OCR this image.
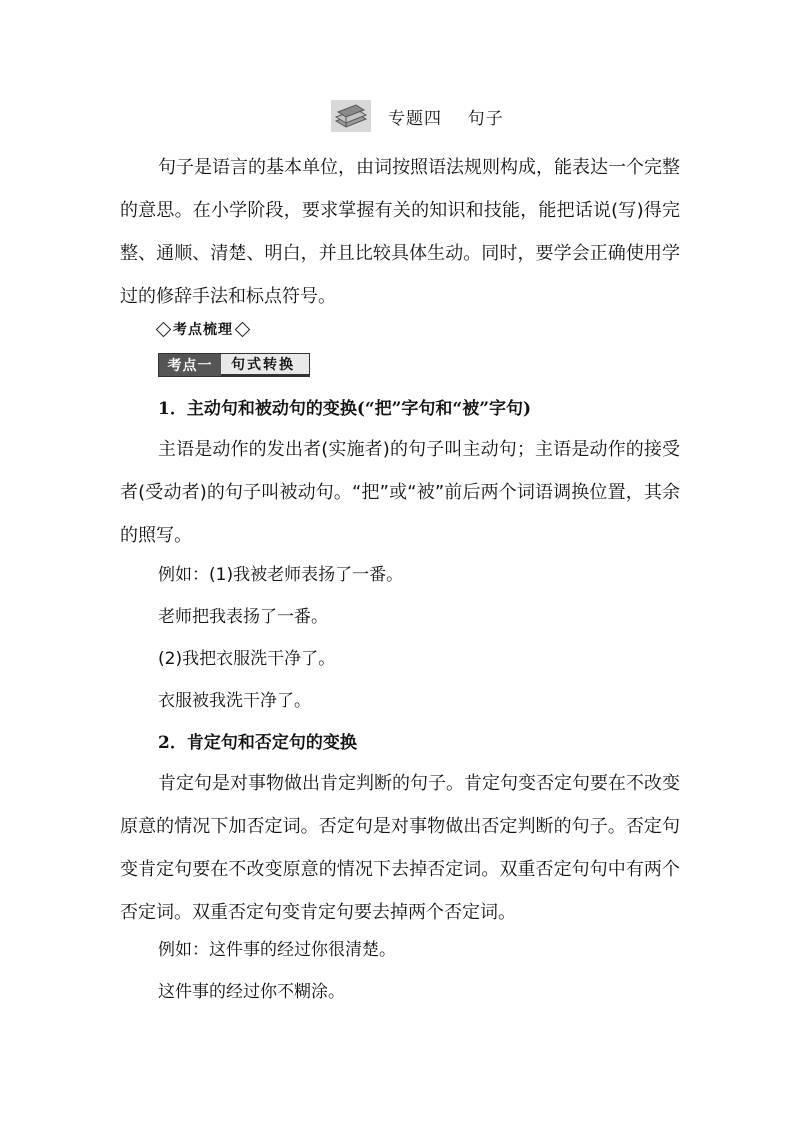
专题四    句子

句子是语言的基本单位，由词按照语法规则构成，能表达一个完整的意思。在小学阶段，要求掌握有关的知识和技能，能把话说(写)得完整、通顺、清楚、明白，并且比较具体生动。同时，要学会正确使用学过的修辞手法和标点符号。

考点梳理
考点一	句式转换
1．主动句和被动句的变换(“把”字句和“被”字句)

主语是动作的发出者(实施者)的句子叫主动句；主语是动作的接受者(受动者)的句子叫被动句。“把”或“被”前后两个词语调换位置，其余的照写。

例如：(1)我被老师表扬了一番。
老师把我表扬了一番。
(2)我把衣服洗干净了。
衣服被我洗干净了。
2．肯定句和否定句的变换

肯定句是对事物做出肯定判断的句子。肯定句变否定句要在不改变原意的情况下加否定词。否定句是对事物做出否定判断的句子。否定句变肯定句要在不改变原意的情况下去掉否定词。双重否定句句中有两个否定词。双重否定句变肯定句要去掉两个否定词。

例如：这件事的经过你很清楚。
这件事的经过你不糊涂。
